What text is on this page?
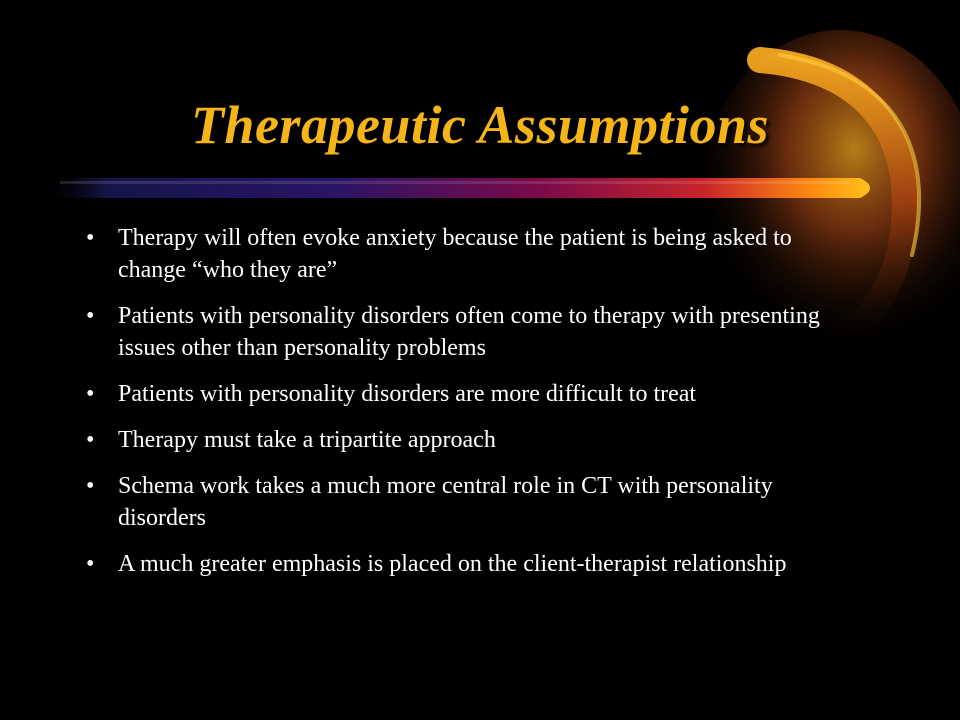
Therapeutic Assumptions
• Therapy will often evoke anxiety because the patient is being asked to change “who they are”
• Patients with personality disorders often come to therapy with presenting issues other than personality problems
• Patients with personality disorders are more difficult to treat
• Therapy must take a tripartite approach
• Schema work takes a much more central role in CT with personality disorders
• A much greater emphasis is placed on the client-therapist relationship
